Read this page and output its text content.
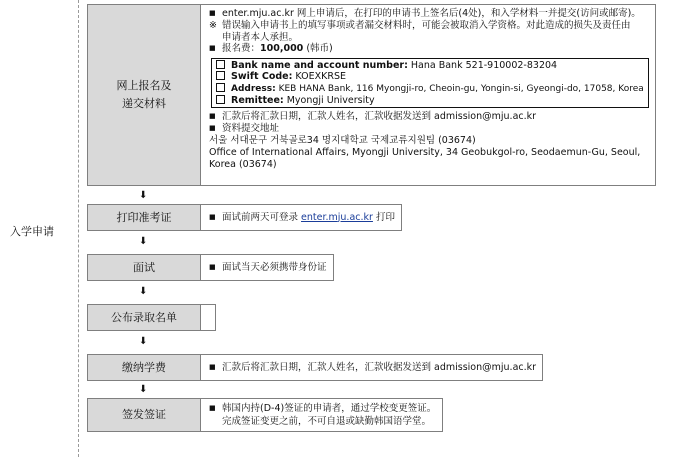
入学申请
网上报名及
递交材料
■ enter.mju.ac.kr 网上申请后，在打印的申请书上签名后(4处)，和入学材料一并提交(访问或邮寄)。
※ 错误输入申请书上的填写事项或者漏交材料时，可能会被取消入学资格。对此造成的损失及责任由
申请者本人承担。
■ 报名费：100,000 (韩币)
Bank name and account number: Hana Bank 521-910002-83204
Swift Code: KOEXKRSE
Address: KEB HANA Bank, 116 Myongji-ro, Cheoin-gu, Yongin-si, Gyeongi-do, 17058, Korea
Remittee: Myongji University
■ 汇款后将汇款日期，汇款人姓名，汇款收据发送到 admission@mju.ac.kr
■ 资料提交地址
서울 서대문구 거북골로34 명지대학교 국제교류지원팀 (03674)
Office of International Affairs, Myongji University, 34 Geobukgol-ro, Seodaemun-Gu, Seoul,
Korea (03674)
⬇
打印准考证	■ 面试前两天可登录 enter.mju.ac.kr 打印
⬇
面试	■ 面试当天必须携带身份证
⬇
公布录取名单
⬇
缴纳学费	■ 汇款后将汇款日期，汇款人姓名，汇款收据发送到 admission@mju.ac.kr
⬇
签发签证	■ 韩国内持(D-4)签证的申请者，通过学校变更签证。
完成签证变更之前，不可自退或缺勤韩国语学堂。
